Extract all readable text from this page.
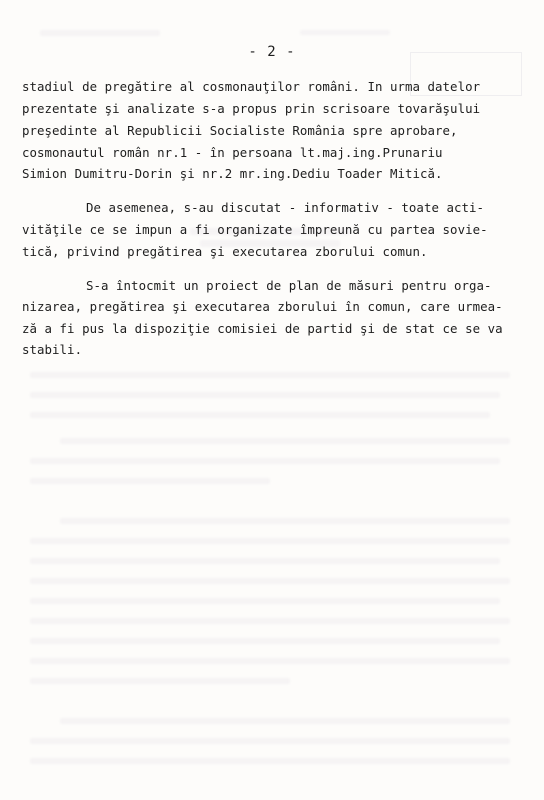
- 2 -
stadiul de pregătire al cosmonauţilor români. In urma datelor
prezentate şi analizate s-a propus prin scrisoare tovarăşului
preşedinte al Republicii Socialiste România spre aprobare,
cosmonautul român nr.1 - în persoana lt.maj.ing.Prunariu
Simion Dumitru-Dorin şi nr.2 mr.ing.Dediu Toader Mitică.
De asemenea, s-au discutat - informativ - toate acti-
vităţile ce se impun a fi organizate împreună cu partea sovie-
tică, privind pregătirea şi executarea zborului comun.
S-a întocmit un proiect de plan de măsuri pentru orga-
nizarea, pregătirea şi executarea zborului în comun, care urmea-
ză a fi pus la dispoziţie comisiei de partid şi de stat ce se va
stabili.
